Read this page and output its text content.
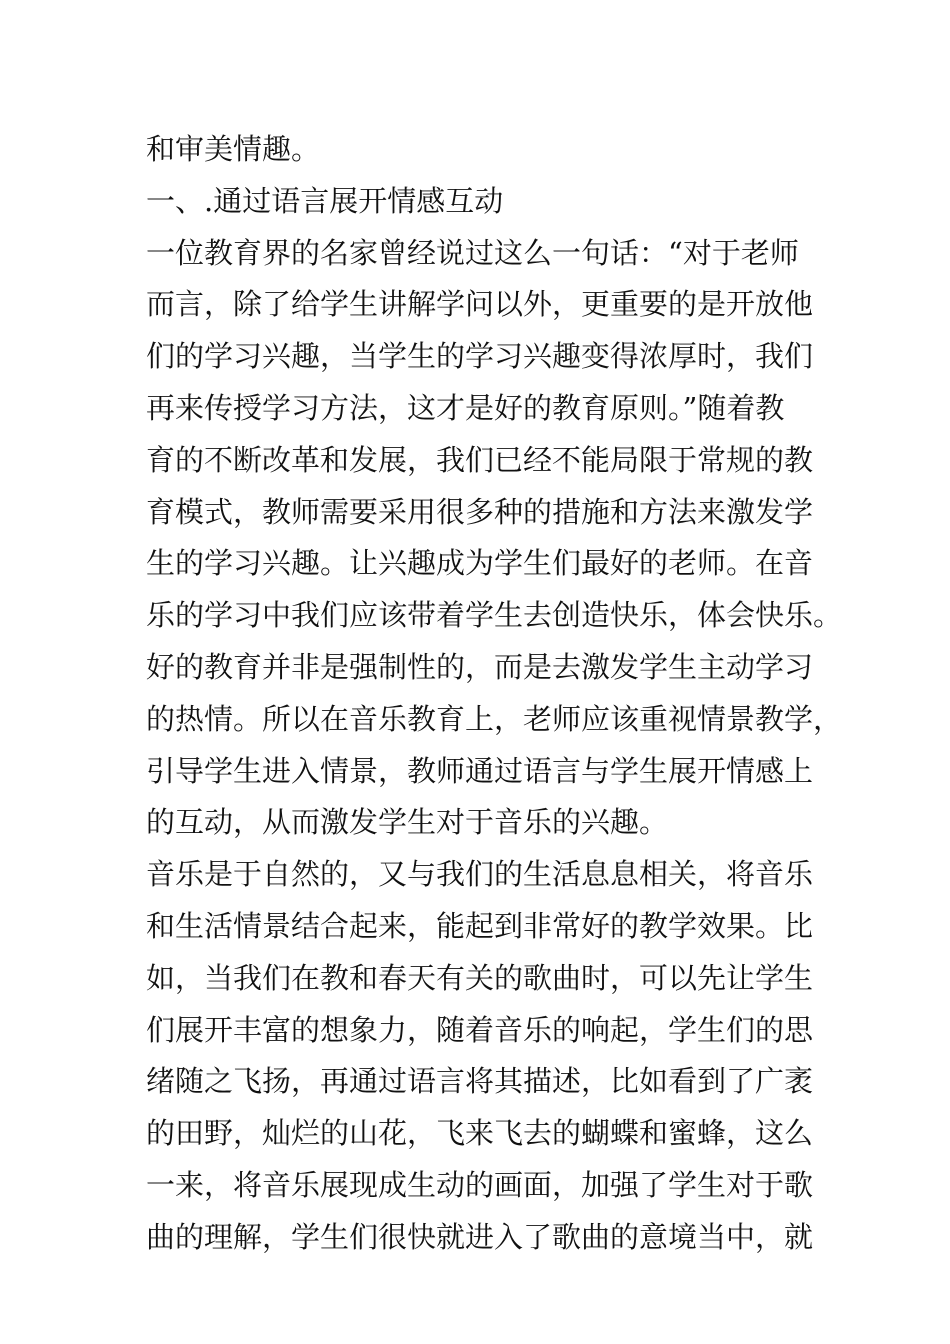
和审美情趣。

一、.通过语言展开情感互动

一位教育界的名家曾经说过这么一句话：“对于老师

而言，除了给学生讲解学问以外，更重要的是开放他

们的学习兴趣，当学生的学习兴趣变得浓厚时，我们

再来传授学习方法，这才是好的教育原则。”随着教

育的不断改革和发展，我们已经不能局限于常规的教

育模式，教师需要采用很多种的措施和方法来激发学

生的学习兴趣。让兴趣成为学生们最好的老师。在音

乐的学习中我们应该带着学生去创造快乐，体会快乐。

好的教育并非是强制性的，而是去激发学生主动学习

的热情。所以在音乐教育上，老师应该重视情景教学，

引导学生进入情景，教师通过语言与学生展开情感上

的互动，从而激发学生对于音乐的兴趣。

音乐是于自然的，又与我们的生活息息相关，将音乐

和生活情景结合起来，能起到非常好的教学效果。比

如，当我们在教和春天有关的歌曲时，可以先让学生

们展开丰富的想象力，随着音乐的响起，学生们的思

绪随之飞扬，再通过语言将其描述，比如看到了广袤

的田野，灿烂的山花，飞来飞去的蝴蝶和蜜蜂，这么

一来，将音乐展现成生动的画面，加强了学生对于歌

曲的理解，学生们很快就进入了歌曲的意境当中，就
